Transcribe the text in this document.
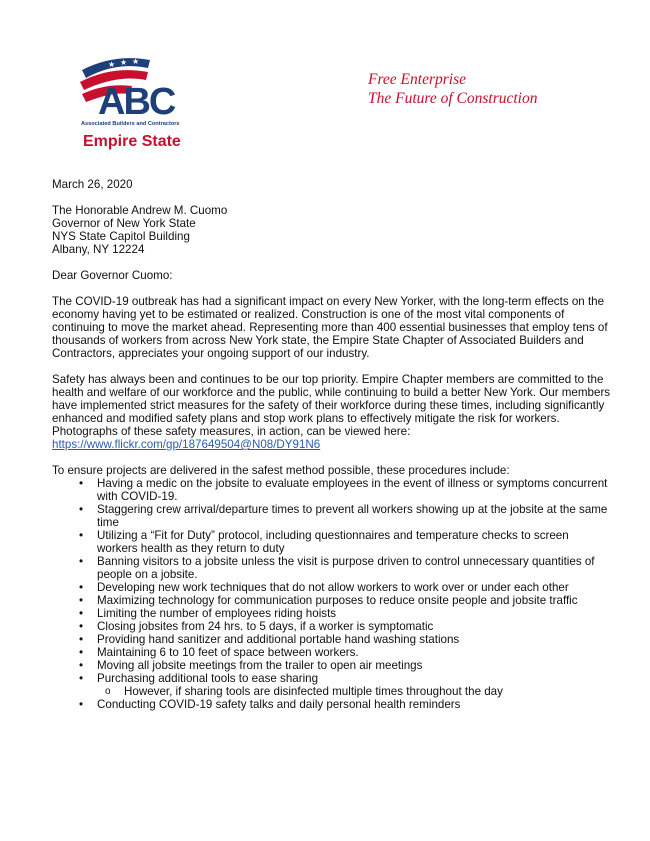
★ ★ ★
ABC
Associated Builders and Contractors
Empire State
Free Enterprise
The Future of Construction

March 26, 2020

The Honorable Andrew M. Cuomo
Governor of New York State
NYS State Capitol Building
Albany, NY 12224

Dear Governor Cuomo:

The COVID-19 outbreak has had a significant impact on every New Yorker, with the long-term effects on the economy having yet to be estimated or realized. Construction is one of the most vital components of continuing to move the market ahead. Representing more than 400 essential businesses that employ tens of thousands of workers from across New York state, the Empire State Chapter of Associated Builders and Contractors, appreciates your ongoing support of our industry.

Safety has always been and continues to be our top priority. Empire Chapter members are committed to the health and welfare of our workforce and the public, while continuing to build a better New York. Our members have implemented strict measures for the safety of their workforce during these times, including significantly enhanced and modified safety plans and stop work plans to effectively mitigate the risk for workers. Photographs of these safety measures, in action, can be viewed here:
https://www.flickr.com/gp/187649504@N08/DY91N6

To ensure projects are delivered in the safest method possible, these procedures include:
• Having a medic on the jobsite to evaluate employees in the event of illness or symptoms concurrent with COVID-19.
• Staggering crew arrival/departure times to prevent all workers showing up at the jobsite at the same time
• Utilizing a “Fit for Duty” protocol, including questionnaires and temperature checks to screen workers health as they return to duty
• Banning visitors to a jobsite unless the visit is purpose driven to control unnecessary quantities of people on a jobsite.
• Developing new work techniques that do not allow workers to work over or under each other
• Maximizing technology for communication purposes to reduce onsite people and jobsite traffic
• Limiting the number of employees riding hoists
• Closing jobsites from 24 hrs. to 5 days, if a worker is symptomatic
• Providing hand sanitizer and additional portable hand washing stations
• Maintaining 6 to 10 feet of space between workers.
• Moving all jobsite meetings from the trailer to open air meetings
• Purchasing additional tools to ease sharing
o However, if sharing tools are disinfected multiple times throughout the day
• Conducting COVID-19 safety talks and daily personal health reminders
